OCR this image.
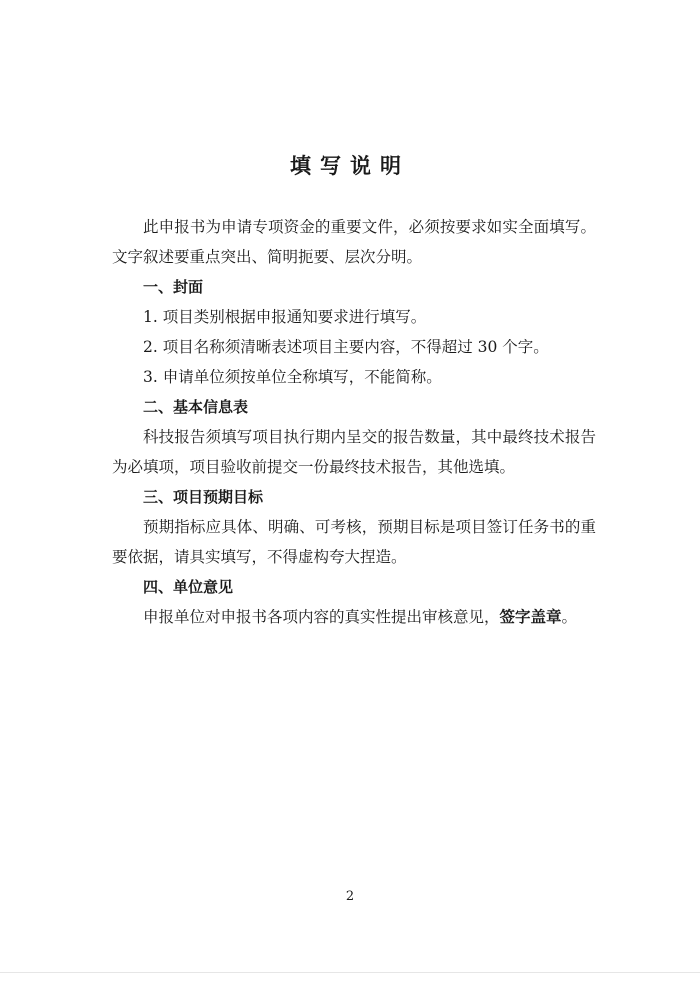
填写说明

此申报书为申请专项资金的重要文件，必须按要求如实全面填写。文字叙述要重点突出、简明扼要、层次分明。

一、封面

1. 项目类别根据申报通知要求进行填写。

2. 项目名称须清晰表述项目主要内容，不得超过 30 个字。

3. 申请单位须按单位全称填写，不能简称。

二、基本信息表

科技报告须填写项目执行期内呈交的报告数量，其中最终技术报告为必填项，项目验收前提交一份最终技术报告，其他选填。

三、项目预期目标

预期指标应具体、明确、可考核，预期目标是项目签订任务书的重要依据，请具实填写，不得虚构夸大捏造。

四、单位意见

申报单位对申报书各项内容的真实性提出审核意见，签字盖章。

2
